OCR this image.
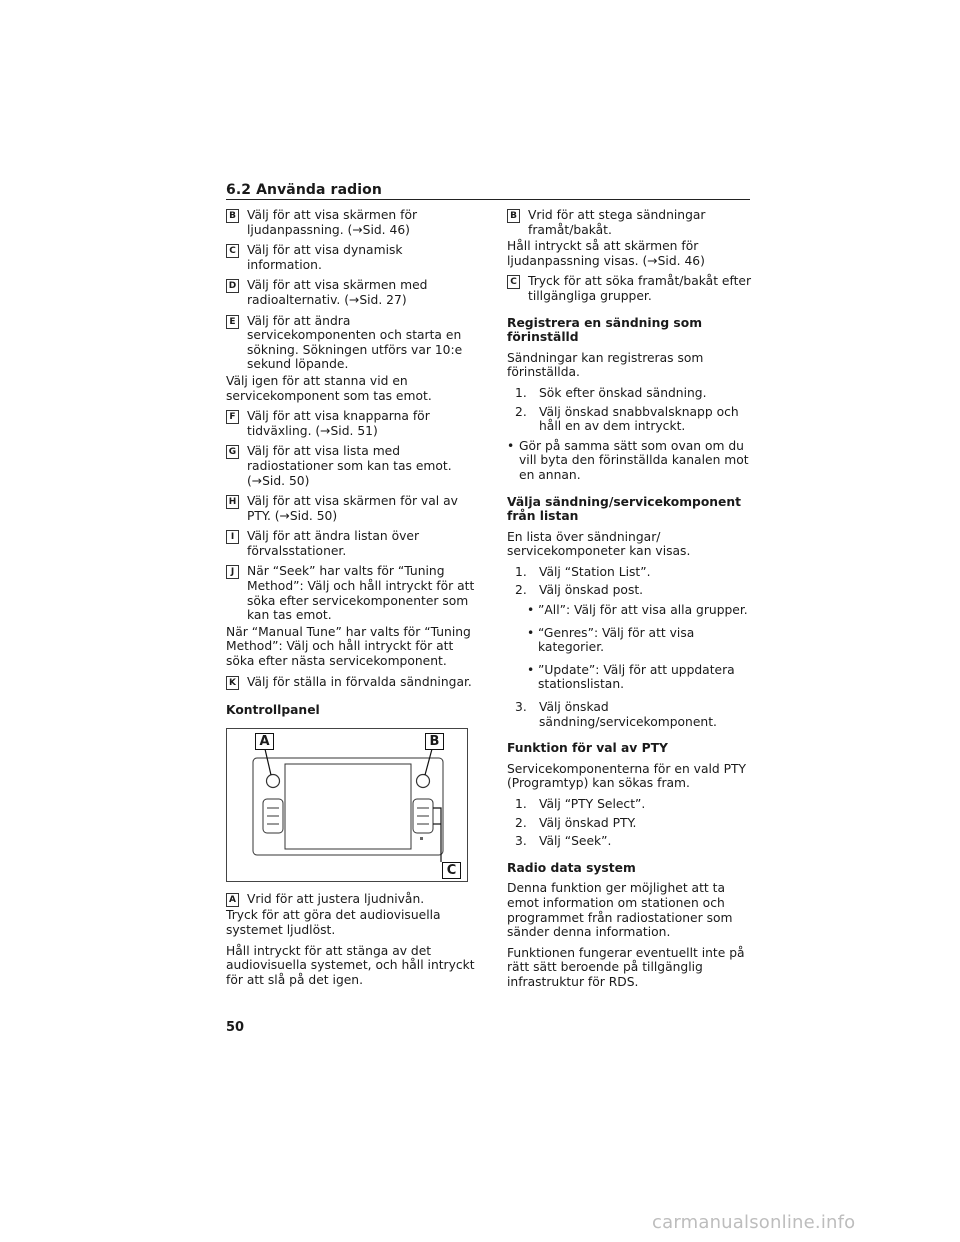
6.2 Använda radion
B Välj för att visa skärmen för ljudanpassning. (→Sid. 46)
C Välj för att visa dynamisk information.
D Välj för att visa skärmen med radioalternativ. (→Sid. 27)
E Välj för att ändra servicekomponenten och starta en sökning. Sökningen utförs var 10:e sekund löpande.

Välj igen för att stanna vid en servicekomponent som tas emot.

F Välj för att visa knapparna för tidväxling. (→Sid. 51)
G Välj för att visa lista med radiostationer som kan tas emot. (→Sid. 50)
H Välj för att visa skärmen för val av PTY. (→Sid. 50)
I	Välj för att ändra listan över förvalsstationer.
J	När “Seek” har valts för “Tuning Method”: Välj och håll intryckt för att söka efter servicekomponenter som kan tas emot.

När “Manual Tune” har valts för “Tuning Method”: Välj och håll intryckt för att söka efter nästa servicekomponent.

K Välj för ställa in förvalda sändningar.
Kontrollpanel
A	B
C
A Vrid för att justera ljudnivån.

Tryck för att göra det audiovisuella systemet ljudlöst.

Håll intryckt för att stänga av det audiovisuella systemet, och håll intryckt för att slå på det igen.

B Vrid för att stega sändningar framåt/bakåt.

Håll intryckt så att skärmen för ljudanpassning visas. (→Sid. 46)

C Tryck för att söka framåt/bakåt efter tillgängliga grupper.
Registrera en sändning som förinställd

Sändningar kan registreras som förinställda.

1. Sök efter önskad sändning.
2. Välj önskad snabbvalsknapp och håll en av dem intryckt.
• Gör på samma sätt som ovan om du vill byta den förinställda kanalen mot en annan.
Välja sändning/servicekomponent från listan

En lista över sändningar/ servicekomponeter kan visas.

1. Välj “Station List”.
2. Välj önskad post.
• ”All”: Välj för att visa alla grupper.
• “Genres”: Välj för att visa kategorier.
• ”Update”: Välj för att uppdatera stationslistan.
3. Välj önskad sändning/servicekomponent.
Funktion för val av PTY

Servicekomponenterna för en vald PTY (Programtyp) kan sökas fram.

1. Välj “PTY Select”.
2. Välj önskad PTY.
3. Välj “Seek”.
Radio data system

Denna funktion ger möjlighet att ta emot information om stationen och programmet från radiostationer som sänder denna information.

Funktionen fungerar eventuellt inte på rätt sätt beroende på tillgänglig infrastruktur för RDS.

50
carmanualsonline.info
